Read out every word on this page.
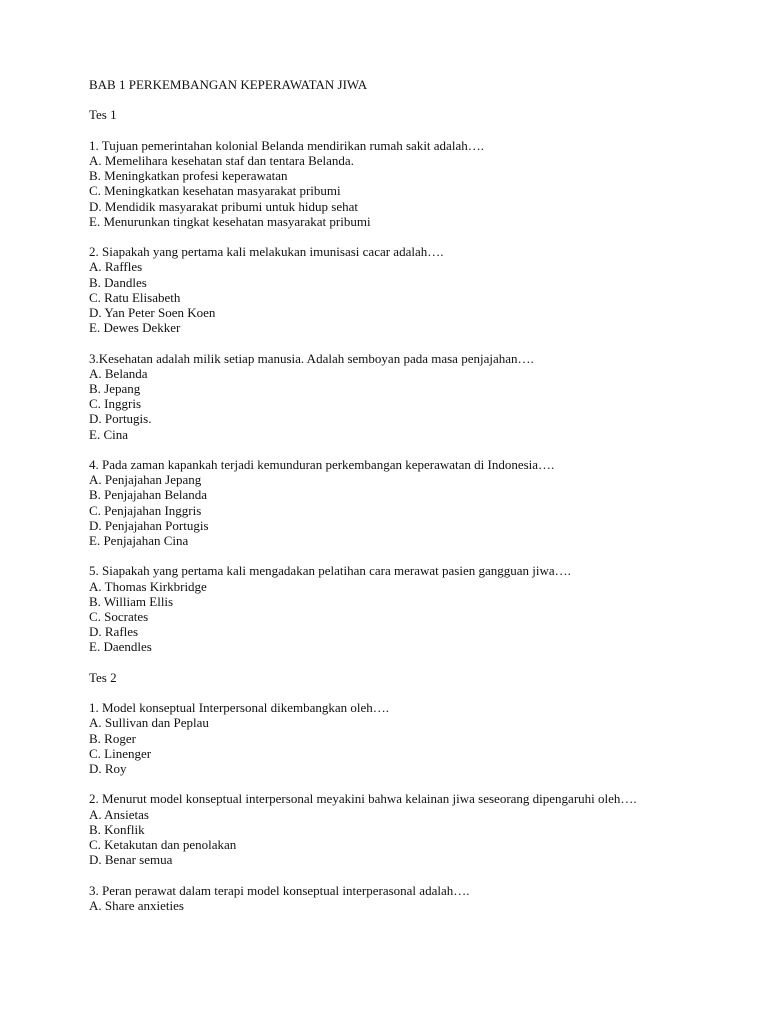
BAB 1 PERKEMBANGAN KEPERAWATAN JIWA

Tes 1

1. Tujuan pemerintahan kolonial Belanda mendirikan rumah sakit adalah….

A. Memelihara kesehatan staf dan tentara Belanda.

B. Meningkatkan profesi keperawatan

C. Meningkatkan kesehatan masyarakat pribumi

D. Mendidik masyarakat pribumi untuk hidup sehat

E. Menurunkan tingkat kesehatan masyarakat pribumi

2. Siapakah yang pertama kali melakukan imunisasi cacar adalah….

A. Raffles

B. Dandles

C. Ratu Elisabeth

D. Yan Peter Soen Koen

E. Dewes Dekker

3.Kesehatan adalah milik setiap manusia. Adalah semboyan pada masa penjajahan….

A. Belanda

B. Jepang

C. Inggris

D. Portugis.

E. Cina

4. Pada zaman kapankah terjadi kemunduran perkembangan keperawatan di Indonesia….

A. Penjajahan Jepang

B. Penjajahan Belanda

C. Penjajahan Inggris

D. Penjajahan Portugis

E. Penjajahan Cina

5. Siapakah yang pertama kali mengadakan pelatihan cara merawat pasien gangguan jiwa….

A. Thomas Kirkbridge

B. William Ellis

C. Socrates

D. Rafles

E. Daendles

Tes 2

1. Model konseptual Interpersonal dikembangkan oleh….

A. Sullivan dan Peplau

B. Roger

C. Linenger

D. Roy

2. Menurut model konseptual interpersonal meyakini bahwa kelainan jiwa seseorang dipengaruhi oleh….

A. Ansietas

B. Konflik

C. Ketakutan dan penolakan

D. Benar semua

3. Peran perawat dalam terapi model konseptual interperasonal adalah….

A. Share anxieties
